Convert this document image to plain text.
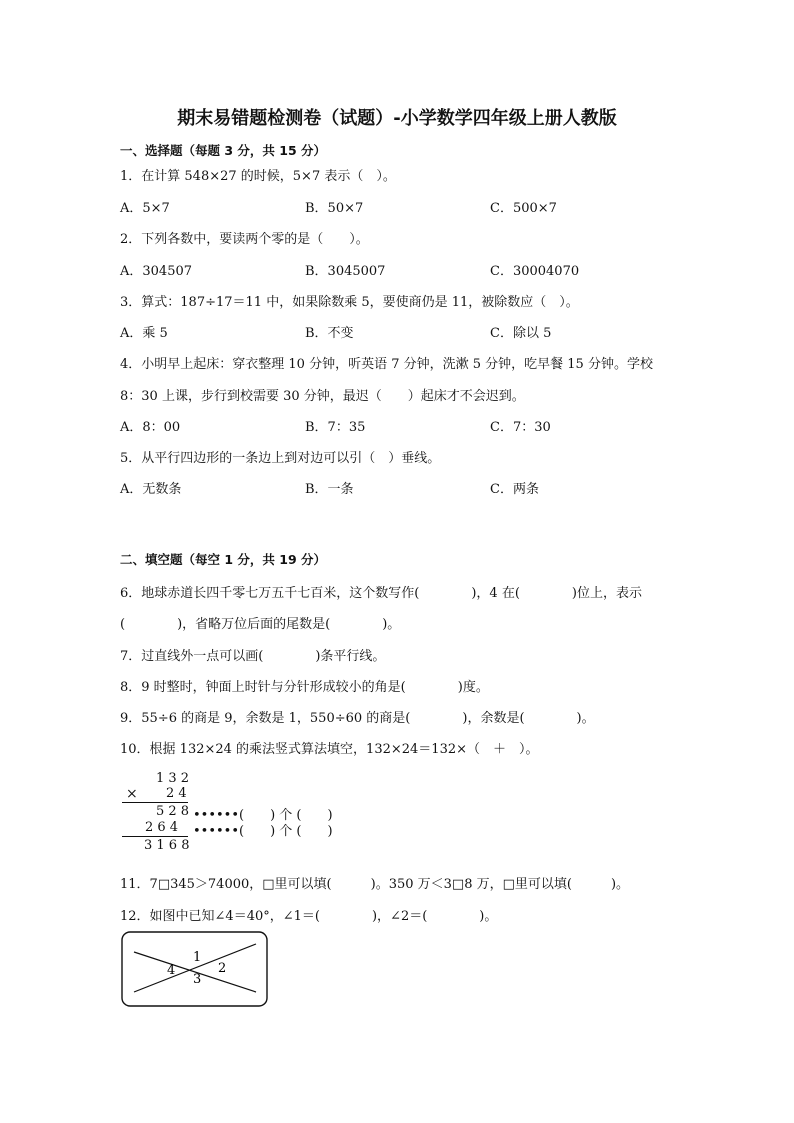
期末易错题检测卷（试题）-小学数学四年级上册人教版
一、选择题（每题 3 分，共 15 分）
1．在计算 548×27 的时候，5×7 表示（　）。
A．5×7	B．50×7	C．500×7
2．下列各数中，要读两个零的是（　　）。
A．304507	B．3045007	C．30004070
3．算式：187÷17＝11 中，如果除数乘 5，要使商仍是 11，被除数应（　）。
A．乘 5	B．不变	C．除以 5
4．小明早上起床：穿衣整理 10 分钟，听英语 7 分钟，洗漱 5 分钟，吃早餐 15 分钟。学校
8：30 上课，步行到校需要 30 分钟，最迟（　　）起床才不会迟到。
A．8：00	B．7：35	C．7：30
5．从平行四边形的一条边上到对边可以引（　）垂线。
A．无数条	B．一条	C．两条
二、填空题（每空 1 分，共 19 分）
6．地球赤道长四千零七万五千七百米，这个数写作(　　　　)，4 在(　　　　)位上，表示
(　　　　)，省略万位后面的尾数是(　　　　)。
7．过直线外一点可以画(　　　　)条平行线。
8．9 时整时，钟面上时针与分针形成较小的角是(　　　　)度。
9．55÷6 的商是 9，余数是 1，550÷60 的商是(　　　　)，余数是(　　　　)。
10．根据 132×24 的乘法竖式算法填空，132×24＝132×（　＋　）。
1 3 2
× 2 4
5 2 8 ••••••(　　) 个 (　　)
2 6 4 ••••••(　　) 个 (　　)
3 1 6 8
11．7□345＞74000，□里可以填(　　　)。350 万＜3□8 万，□里可以填(　　　)。
12．如图中已知∠4＝40°，∠1＝(　　　　)，∠2＝(　　　　)。
1
2
3
4
